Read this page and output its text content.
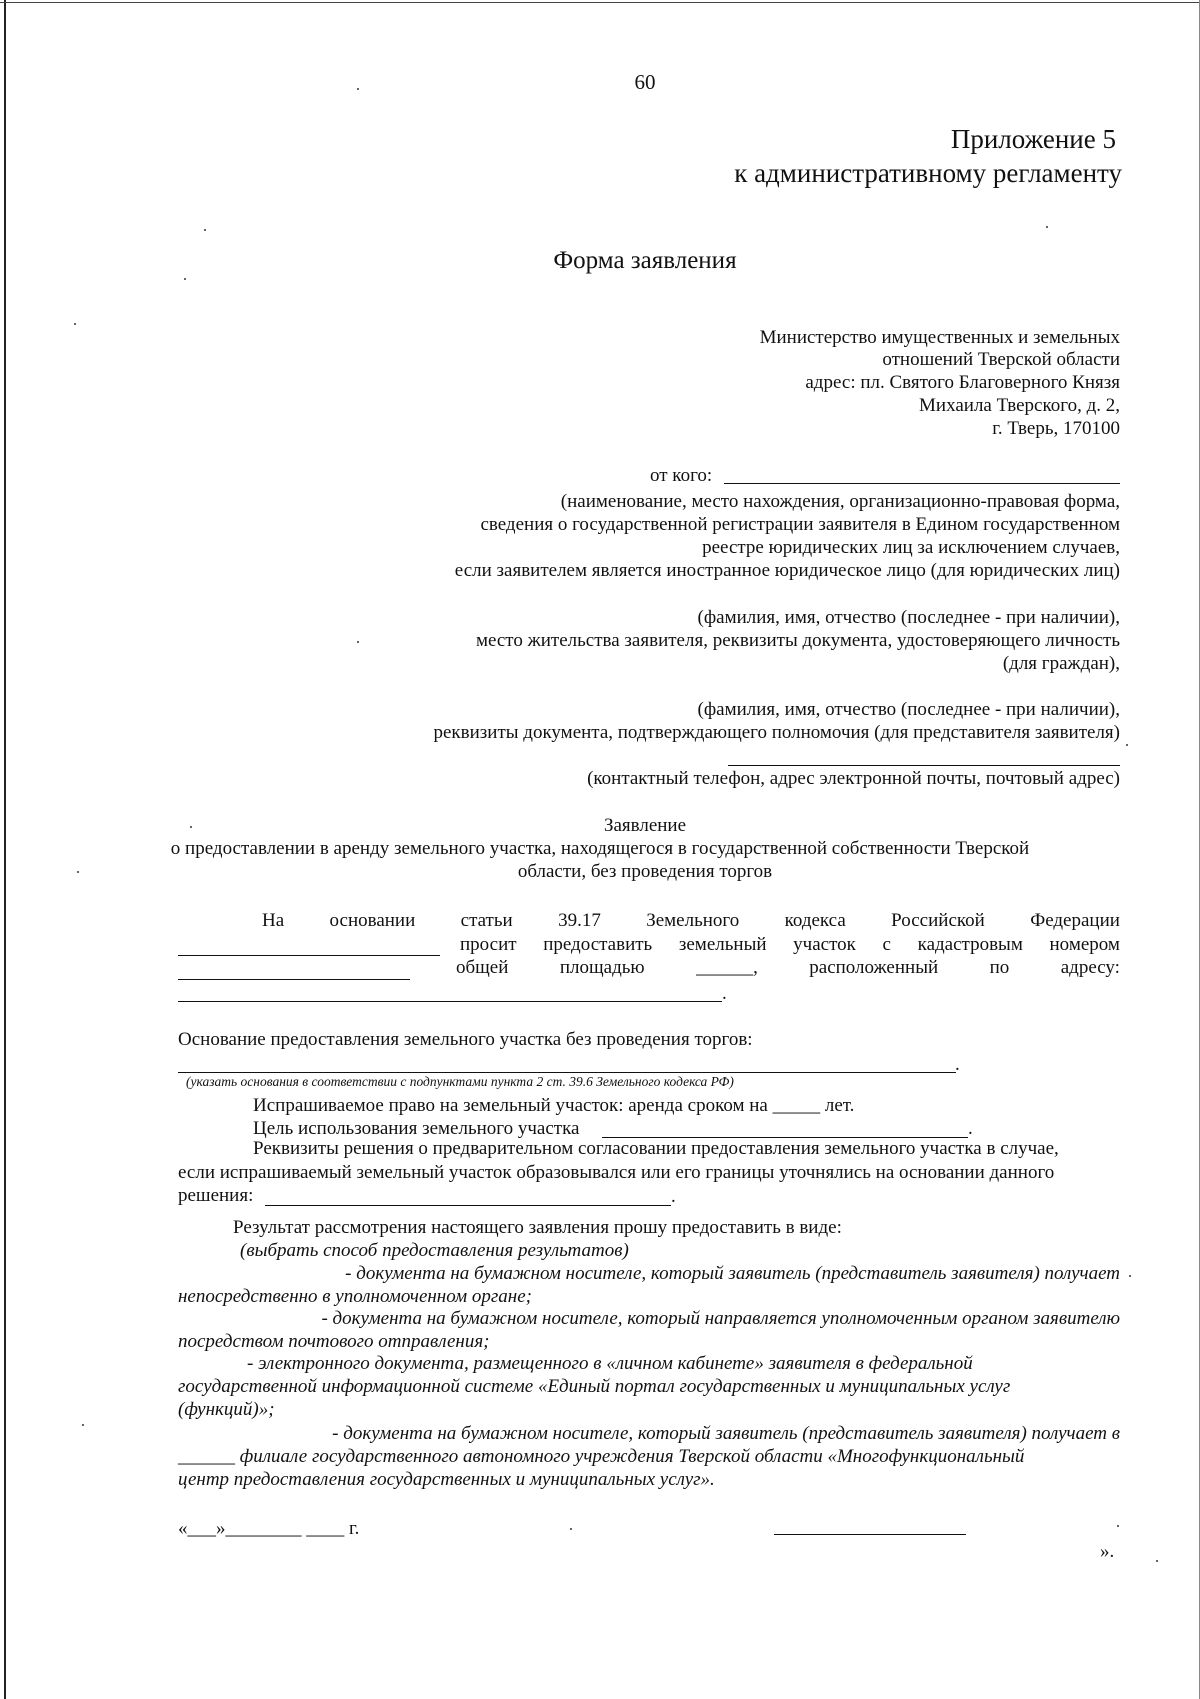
60
Приложение 5
к административному регламенту
Форма заявления
Министерство имущественных и земельных
отношений Тверской области
адрес: пл. Святого Благоверного Князя
Михаила Тверского, д. 2,
г. Тверь, 170100
от кого:
(наименование, место нахождения, организационно-правовая форма,
сведения о государственной регистрации заявителя в Едином государственном
реестре юридических лиц за исключением случаев,
если заявителем является иностранное юридическое лицо (для юридических лиц)
(фамилия, имя, отчество (последнее - при наличии),
место жительства заявителя, реквизиты документа, удостоверяющего личность
(для граждан),
(фамилия, имя, отчество (последнее - при наличии),
реквизиты документа, подтверждающего полномочия (для представителя заявителя)
(контактный телефон, адрес электронной почты, почтовый адрес)
Заявление
о предоставлении в аренду земельного участка, находящегося в государственной собственности Тверской
области, без проведения торгов
На основании статьи 39.17 Земельного кодекса Российской Федерации
просит предоставить земельный участок с кадастровым номером
общей	площадью	______,	расположенный	по	адресу:
.
Основание предоставления земельного участка без проведения торгов:
.
(указать основания в соответствии с подпунктами пункта 2 ст. 39.6 Земельного кодекса РФ)
Испрашиваемое право на земельный участок: аренда сроком на _____ лет.
Цель использования земельного участка	.
Реквизиты решения о предварительном согласовании предоставления земельного участка в случае,
если испрашиваемый земельный участок образовывался или его границы уточнялись на основании данного
решения:	.
Результат рассмотрения настоящего заявления прошу предоставить в виде:
(выбрать способ предоставления результатов)
- документа на бумажном носителе, который заявитель (представитель заявителя) получает
непосредственно в уполномоченном органе;
- документа на бумажном носителе, который направляется уполномоченным органом заявителю
посредством почтового отправления;
- электронного документа, размещенного в «личном кабинете» заявителя в федеральной
государственной информационной системе «Единый портал государственных и муниципальных услуг
(функций)»;
- документа на бумажном носителе, который заявитель (представитель заявителя) получает в
______ филиале государственного автономного учреждения Тверской области «Многофункциональный
центр предоставления государственных и муниципальных услуг».
«___»________ ____ г.
».
